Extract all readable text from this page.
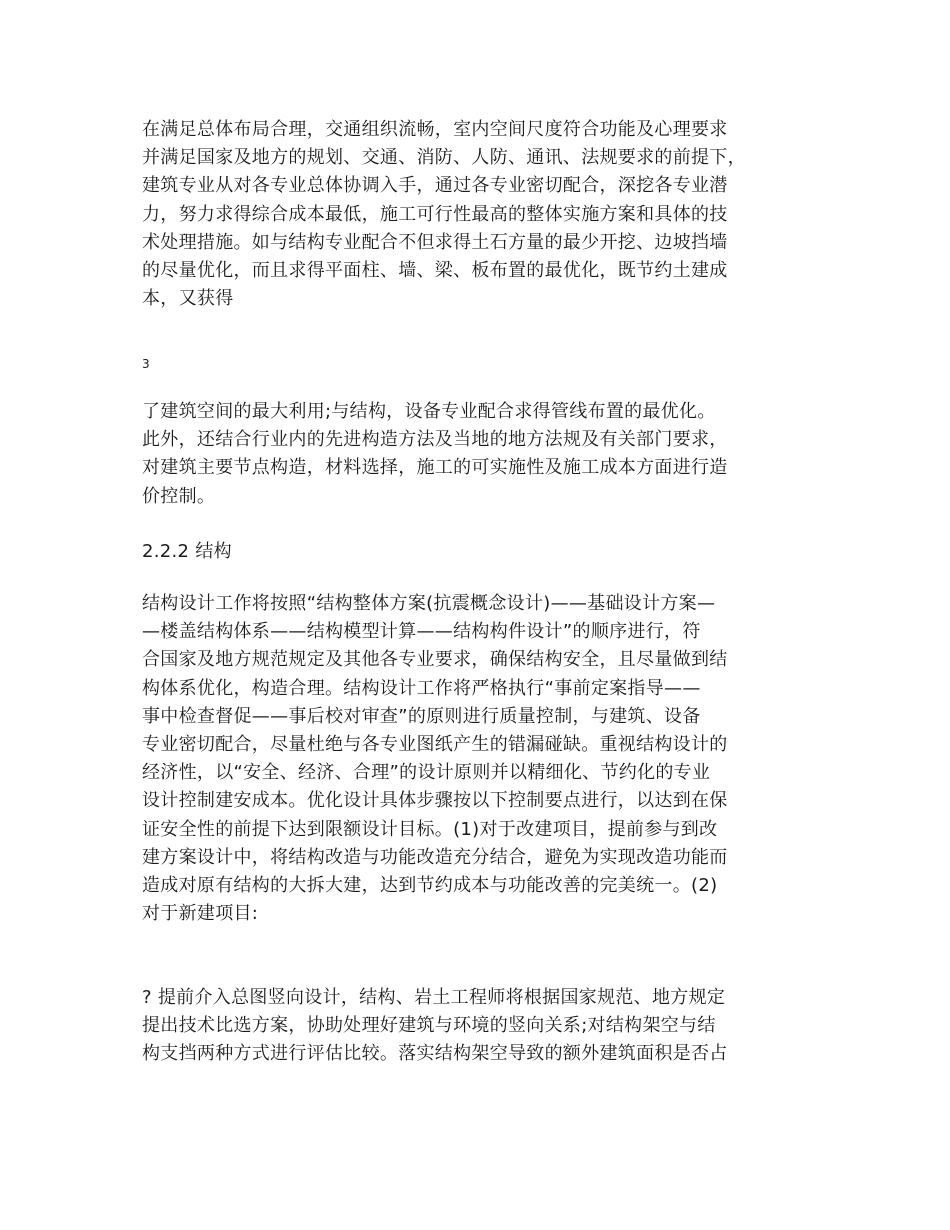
在满足总体布局合理，交通组织流畅，室内空间尺度符合功能及心理要求
并满足国家及地方的规划、交通、消防、人防、通讯、法规要求的前提下，
建筑专业从对各专业总体协调入手，通过各专业密切配合，深挖各专业潜
力，努力求得综合成本最低，施工可行性最高的整体实施方案和具体的技
术处理措施。如与结构专业配合不但求得土石方量的最少开挖、边坡挡墙
的尽量优化，而且求得平面柱、墙、梁、板布置的最优化，既节约土建成
本，又获得

3

了建筑空间的最大利用;与结构，设备专业配合求得管线布置的最优化。
此外，还结合行业内的先进构造方法及当地的地方法规及有关部门要求，
对建筑主要节点构造，材料选择，施工的可实施性及施工成本方面进行造
价控制。

2.2.2 结构

结构设计工作将按照“结构整体方案(抗震概念设计)——基础设计方案—
—楼盖结构体系——结构模型计算——结构构件设计”的顺序进行，符
合国家及地方规范规定及其他各专业要求，确保结构安全，且尽量做到结
构体系优化，构造合理。结构设计工作将严格执行“事前定案指导——
事中检查督促——事后校对审查”的原则进行质量控制，与建筑、设备
专业密切配合，尽量杜绝与各专业图纸产生的错漏碰缺。重视结构设计的
经济性，以“安全、经济、合理”的设计原则并以精细化、节约化的专业
设计控制建安成本。优化设计具体步骤按以下控制要点进行，以达到在保
证安全性的前提下达到限额设计目标。(1)对于改建项目，提前参与到改
建方案设计中，将结构改造与功能改造充分结合，避免为实现改造功能而
造成对原有结构的大拆大建，达到节约成本与功能改善的完美统一。(2)
对于新建项目:

? 提前介入总图竖向设计，结构、岩土工程师将根据国家规范、地方规定
提出技术比选方案，协助处理好建筑与环境的竖向关系;对结构架空与结
构支挡两种方式进行评估比较。落实结构架空导致的额外建筑面积是否占
